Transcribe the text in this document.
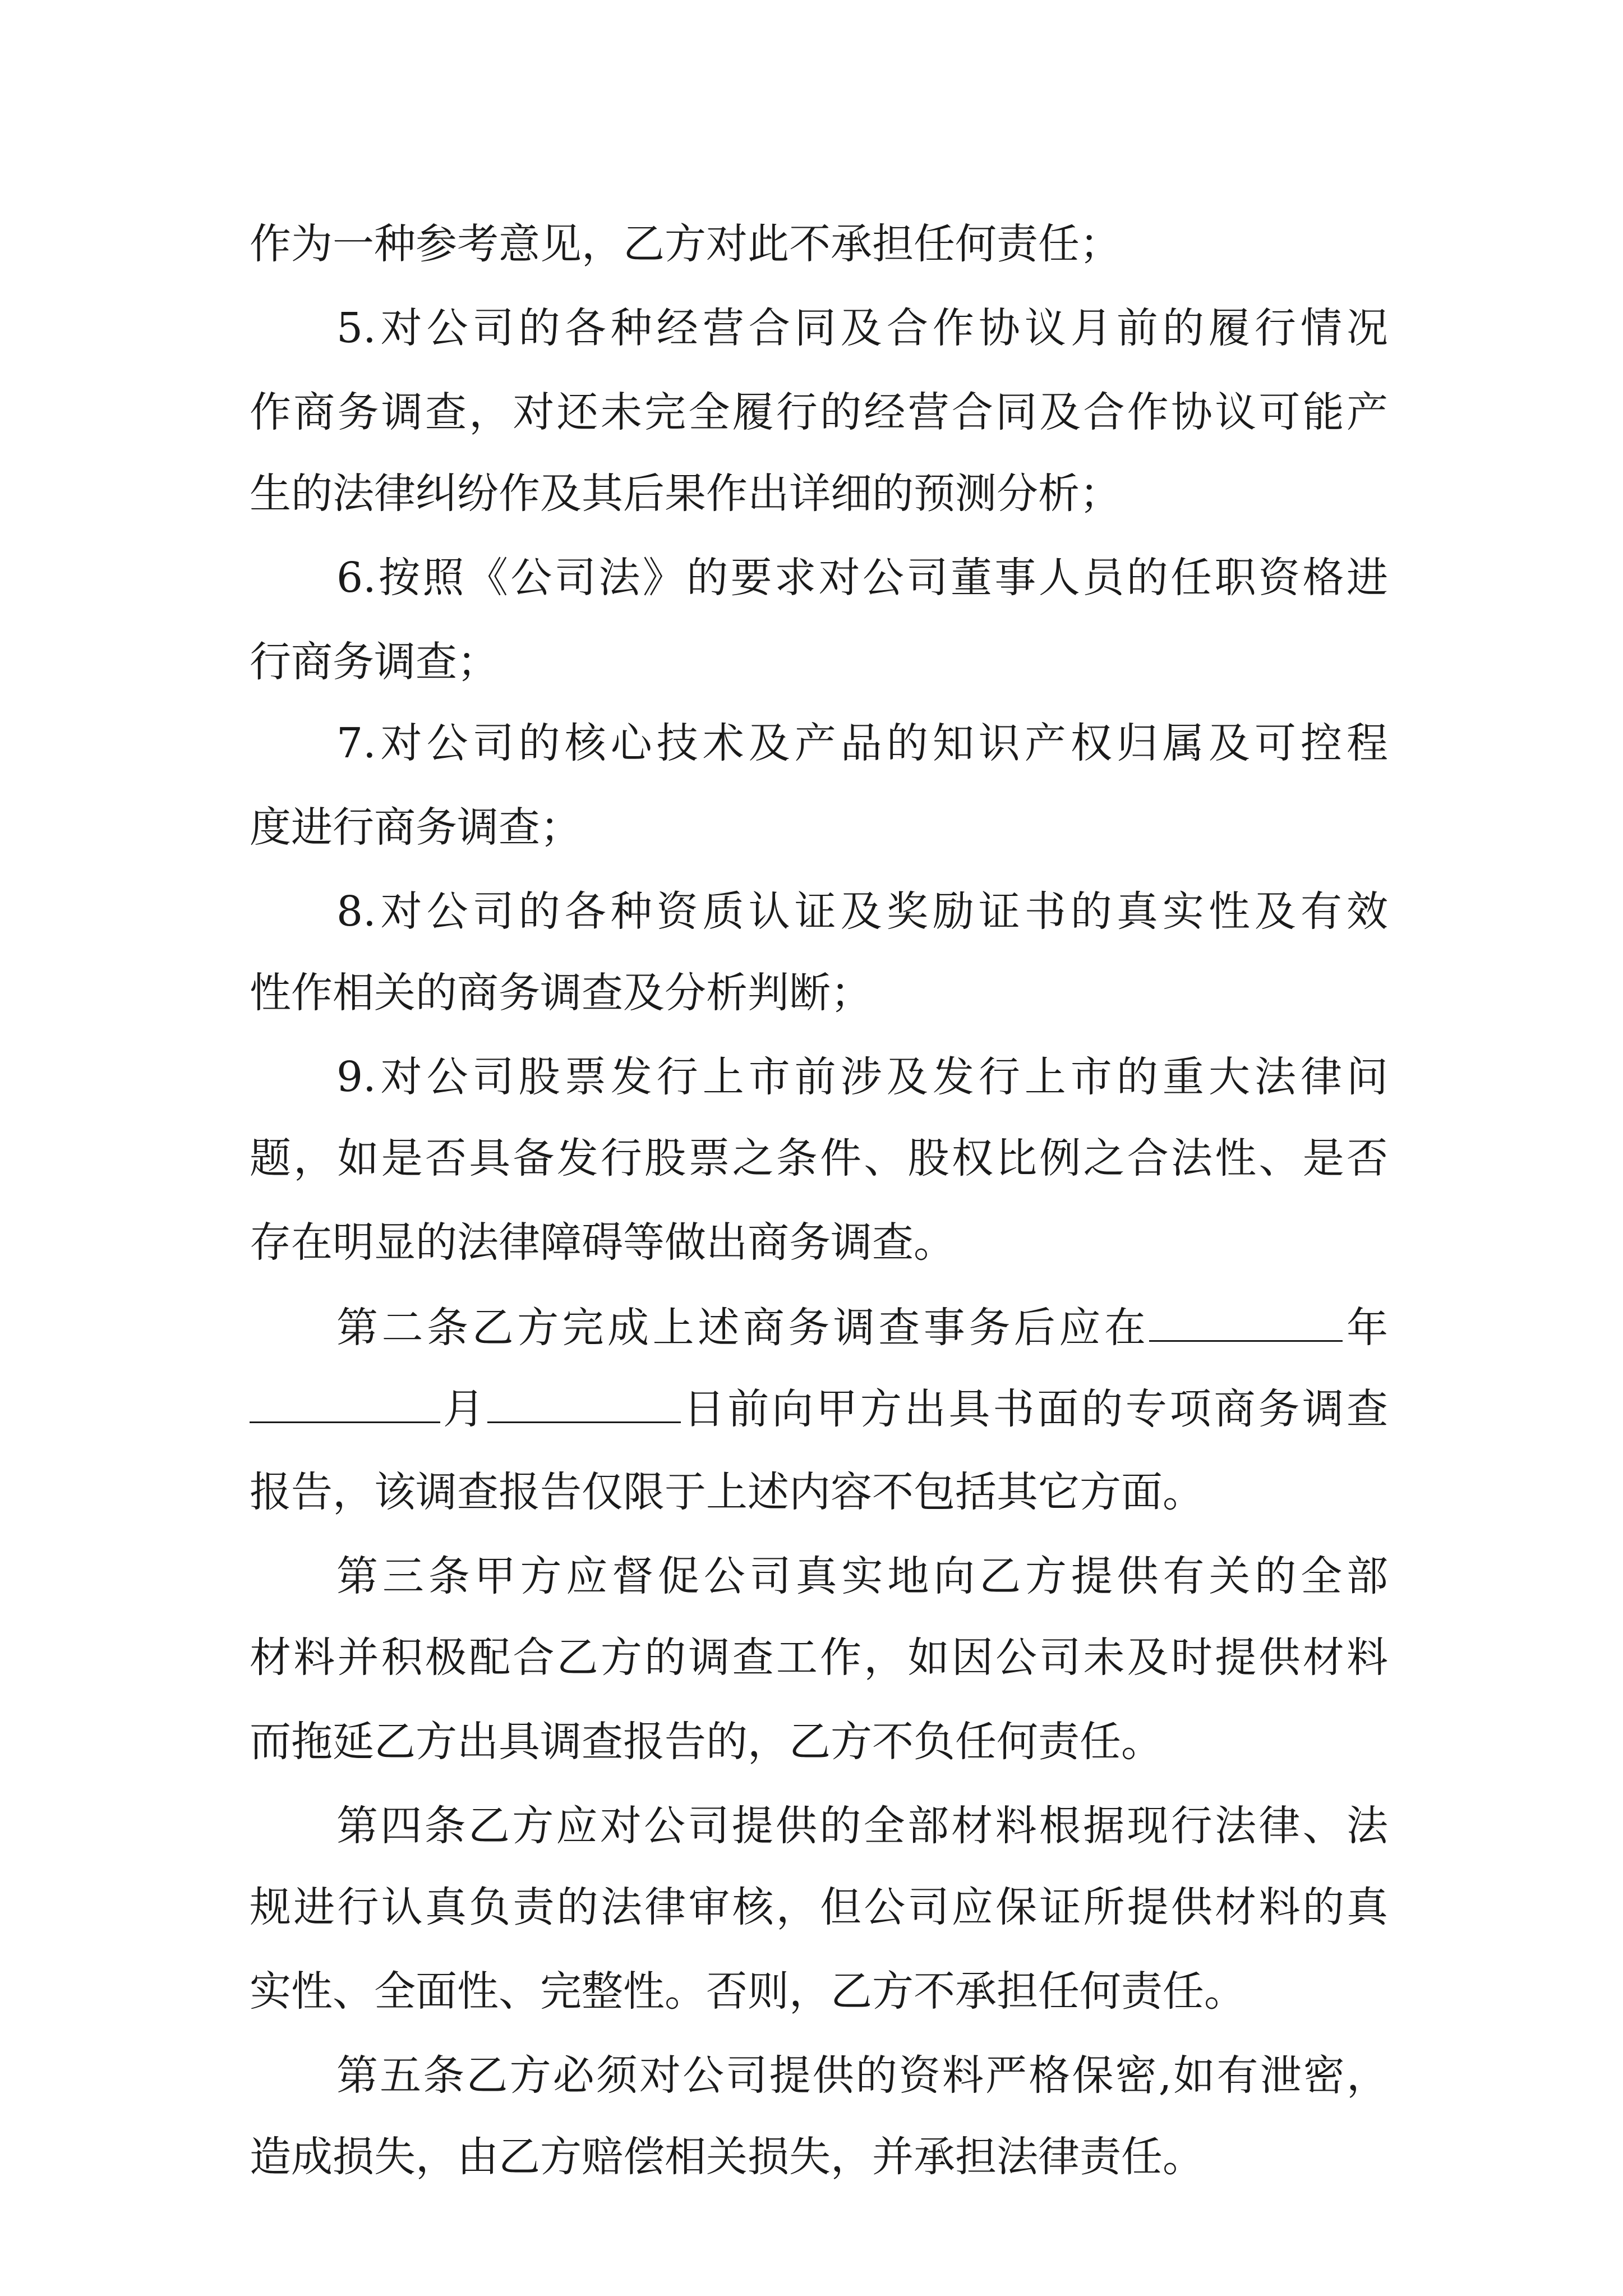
作为一种参考意见，乙方对此不承担任何责任；

5.对公司的各种经营合同及合作协议月前的履行情况

作商务调查，对还未完全履行的经营合同及合作协议可能产

生的法律纠纷作及其后果作出详细的预测分析；

6.按照《公司法》的要求对公司董事人员的任职资格进

行商务调查；

7.对公司的核心技术及产品的知识产权归属及可控程

度进行商务调查；

8.对公司的各种资质认证及奖励证书的真实性及有效

性作相关的商务调查及分析判断；

9.对公司股票发行上市前涉及发行上市的重大法律问

题，如是否具备发行股票之条件、股权比例之合法性、是否

存在明显的法律障碍等做出商务调查。

第二条乙方完成上述商务调查事务后应在	年

月	日前向甲方出具书面的专项商务调查

报告，该调查报告仅限于上述内容不包括其它方面。

第三条甲方应督促公司真实地向乙方提供有关的全部

材料并积极配合乙方的调查工作，如因公司未及时提供材料

而拖延乙方出具调查报告的，乙方不负任何责任。

第四条乙方应对公司提供的全部材料根据现行法律、法

规进行认真负责的法律审核，但公司应保证所提供材料的真

实性、全面性、完整性。否则，乙方不承担任何责任。

第五条乙方必须对公司提供的资料严格保密,如有泄密，

造成损失，由乙方赔偿相关损失，并承担法律责任。
